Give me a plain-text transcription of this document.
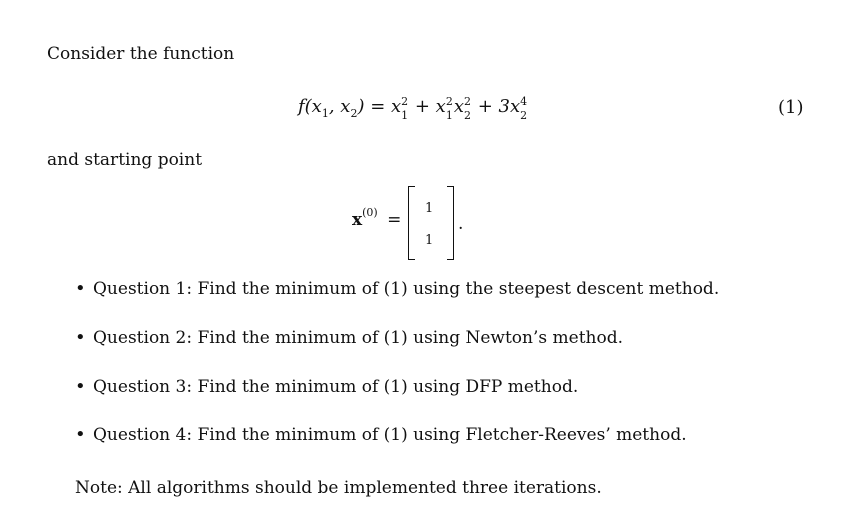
Consider the function
$f(x_1$, $x_2) = x$ 2
1 + x 2
1 x 2
2 + 3x 4
2	(1)
and starting point
$x^{(0)}$ =
1
1
.
• Question 1: Find the minimum of (1) using the steepest descent method.
• Question 2: Find the minimum of (1) using Newton’s method.
• Question 3: Find the minimum of (1) using DFP method.
• Question 4: Find the minimum of (1) using Fletcher-Reeves’ method.
Note: All algorithms should be implemented three iterations.
